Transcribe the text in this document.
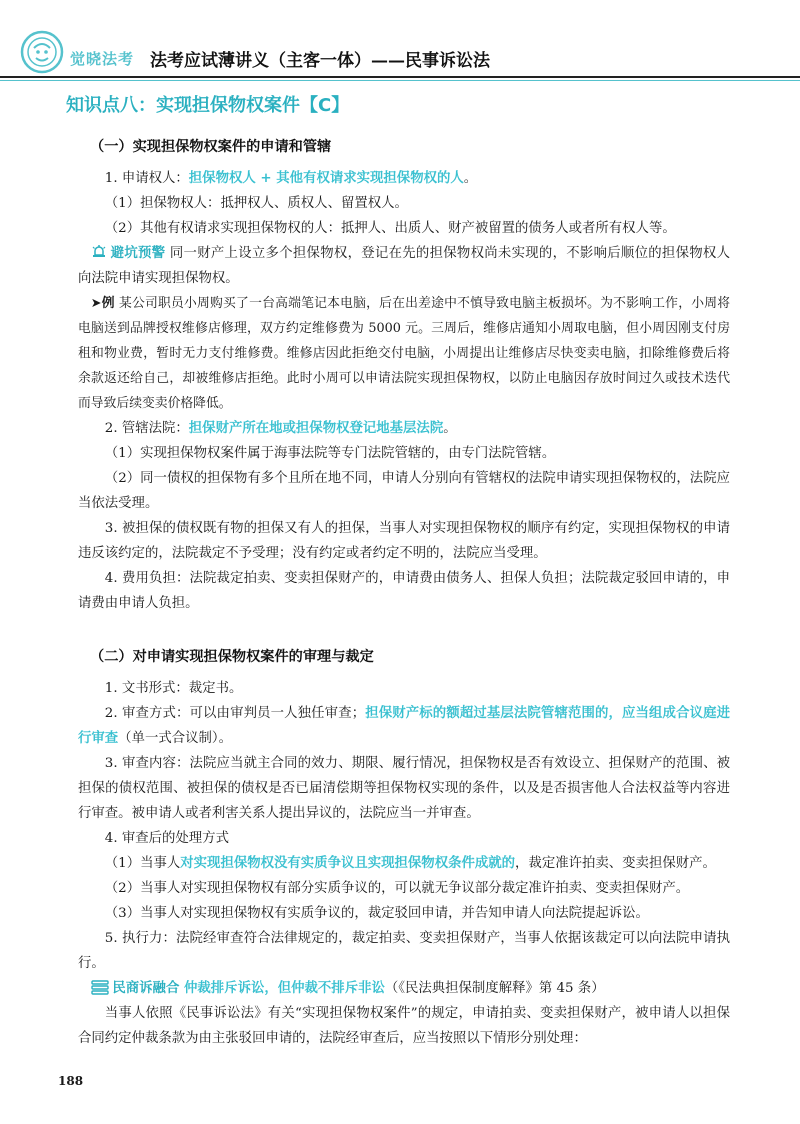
觉晓法考 法考应试薄讲义（主客一体）——民事诉讼法
知识点八：实现担保物权案件【C】
（一）实现担保物权案件的申请和管辖

1. 申请权人：担保物权人 + 其他有权请求实现担保物权的人。

（1）担保物权人：抵押权人、质权人、留置权人。

（2）其他有权请求实现担保物权的人：抵押人、出质人、财产被留置的债务人或者所有权人等。

避坑预警 同一财产上设立多个担保物权，登记在先的担保物权尚未实现的，不影响后顺位的担保物权人向法院申请实现担保物权。

➤例 某公司职员小周购买了一台高端笔记本电脑，后在出差途中不慎导致电脑主板损坏。为不影响工作，小周将电脑送到品牌授权维修店修理，双方约定维修费为 5000 元。三周后，维修店通知小周取电脑，但小周因刚支付房租和物业费，暂时无力支付维修费。维修店因此拒绝交付电脑，小周提出让维修店尽快变卖电脑，扣除维修费后将余款返还给自己，却被维修店拒绝。此时小周可以申请法院实现担保物权，以防止电脑因存放时间过久或技术迭代而导致后续变卖价格降低。

2. 管辖法院：担保财产所在地或担保物权登记地基层法院。

（1）实现担保物权案件属于海事法院等专门法院管辖的，由专门法院管辖。

（2）同一债权的担保物有多个且所在地不同，申请人分别向有管辖权的法院申请实现担保物权的，法院应当依法受理。

3. 被担保的债权既有物的担保又有人的担保，当事人对实现担保物权的顺序有约定，实现担保物权的申请违反该约定的，法院裁定不予受理；没有约定或者约定不明的，法院应当受理。

4. 费用负担：法院裁定拍卖、变卖担保财产的，申请费由债务人、担保人负担；法院裁定驳回申请的，申请费由申请人负担。

（二）对申请实现担保物权案件的审理与裁定

1. 文书形式：裁定书。

2. 审查方式：可以由审判员一人独任审查；担保财产标的额超过基层法院管辖范围的，应当组成合议庭进行审查（单一式合议制）。

3. 审查内容：法院应当就主合同的效力、期限、履行情况，担保物权是否有效设立、担保财产的范围、被担保的债权范围、被担保的债权是否已届清偿期等担保物权实现的条件，以及是否损害他人合法权益等内容进行审查。被申请人或者利害关系人提出异议的，法院应当一并审查。

4. 审查后的处理方式

（1）当事人对实现担保物权没有实质争议且实现担保物权条件成就的，裁定准许拍卖、变卖担保财产。

（2）当事人对实现担保物权有部分实质争议的，可以就无争议部分裁定准许拍卖、变卖担保财产。

（3）当事人对实现担保物权有实质争议的，裁定驳回申请，并告知申请人向法院提起诉讼。

5. 执行力：法院经审查符合法律规定的，裁定拍卖、变卖担保财产，当事人依据该裁定可以向法院申请执行。

民商诉融合 仲裁排斥诉讼，但仲裁不排斥非讼（《民法典担保制度解释》第 45 条）

当事人依照《民事诉讼法》有关“实现担保物权案件”的规定，申请拍卖、变卖担保财产，被申请人以担保合同约定仲裁条款为由主张驳回申请的，法院经审查后，应当按照以下情形分别处理：

188
